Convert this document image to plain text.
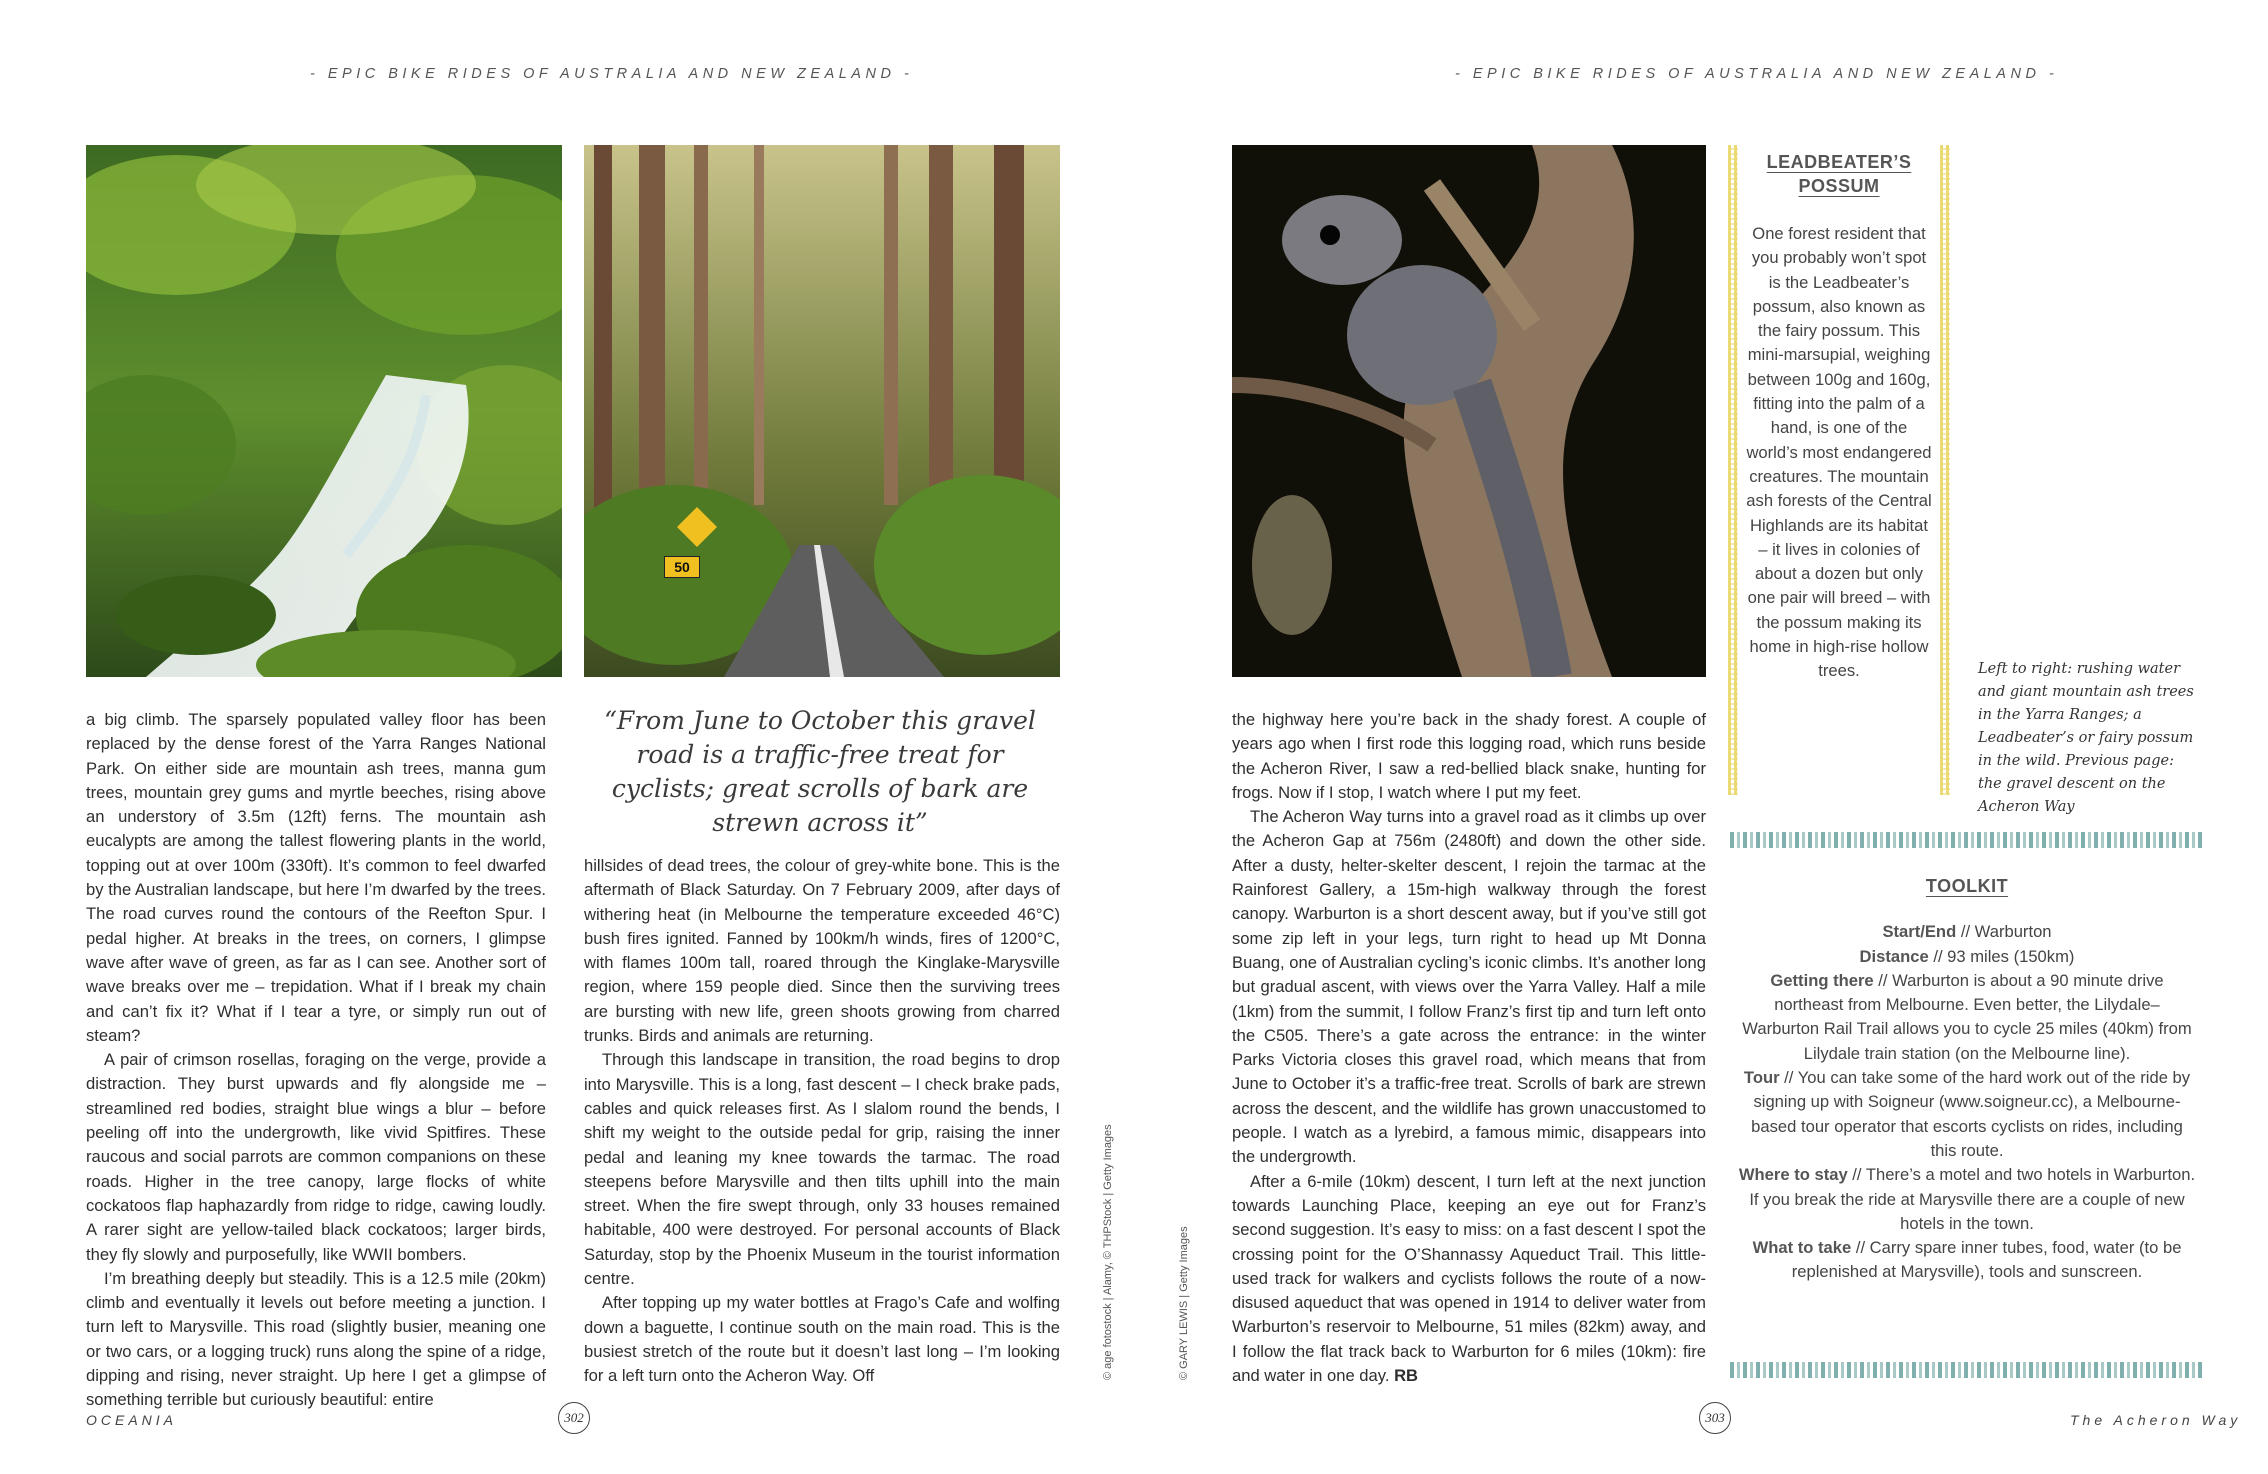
- EPIC BIKE RIDES OF AUSTRALIA AND NEW ZEALAND -	- EPIC BIKE RIDES OF AUSTRALIA AND NEW ZEALAND -
50

a big climb. The sparsely populated valley floor has been replaced by the dense forest of the Yarra Ranges National Park. On either side are mountain ash trees, manna gum trees, mountain grey gums and myrtle beeches, rising above an understory of 3.5m (12ft) ferns. The mountain ash eucalypts are among the tallest flowering plants in the world, topping out at over 100m (330ft). It’s common to feel dwarfed by the Australian landscape, but here I’m dwarfed by the trees. The road curves round the contours of the Reefton Spur. I pedal higher. At breaks in the trees, on corners, I glimpse wave after wave of green, as far as I can see. Another sort of wave breaks over me – trepidation. What if I break my chain and can’t fix it? What if I tear a tyre, or simply run out of steam?

A pair of crimson rosellas, foraging on the verge, provide a distraction. They burst upwards and fly alongside me – streamlined red bodies, straight blue wings a blur – before peeling off into the undergrowth, like vivid Spitfires. These raucous and social parrots are common companions on these roads. Higher in the tree canopy, large flocks of white cockatoos flap haphazardly from ridge to ridge, cawing loudly. A rarer sight are yellow-tailed black cockatoos; larger birds, they fly slowly and purposefully, like WWII bombers.

I’m breathing deeply but steadily. This is a 12.5 mile (20km) climb and eventually it levels out before meeting a junction. I turn left to Marysville. This road (slightly busier, meaning one or two cars, or a logging truck) runs along the spine of a ridge, dipping and rising, never straight. Up here I get a glimpse of something terrible but curiously beautiful: entire

“From June to October this gravel road is a traffic-free treat for cyclists; great scrolls of bark are strewn across it”

hillsides of dead trees, the colour of grey-white bone. This is the aftermath of Black Saturday. On 7 February 2009, after days of withering heat (in Melbourne the temperature exceeded 46°C) bush fires ignited. Fanned by 100km/h winds, fires of 1200°C, with flames 100m tall, roared through the Kinglake-Marysville region, where 159 people died. Since then the surviving trees are bursting with new life, green shoots growing from charred trunks. Birds and animals are returning.

Through this landscape in transition, the road begins to drop into Marysville. This is a long, fast descent – I check brake pads, cables and quick releases first. As I slalom round the bends, I shift my weight to the outside pedal for grip, raising the inner pedal and leaning my knee towards the tarmac. The road steepens before Marysville and then tilts uphill into the main street. When the fire swept through, only 33 houses remained habitable, 400 were destroyed. For personal accounts of Black Saturday, stop by the Phoenix Museum in the tourist information centre.

After topping up my water bottles at Frago’s Cafe and wolfing down a baguette, I continue south on the main road. This is the busiest stretch of the route but it doesn’t last long – I’m looking for a left turn onto the Acheron Way. Off	© age fotostock | Alamy, © THPStock | Getty Images	© GARY LEWIS | Getty Images

the highway here you’re back in the shady forest. A couple of years ago when I first rode this logging road, which runs beside the Acheron River, I saw a red-bellied black snake, hunting for frogs. Now if I stop, I watch where I put my feet.

The Acheron Way turns into a gravel road as it climbs up over the Acheron Gap at 756m (2480ft) and down the other side. After a dusty, helter-skelter descent, I rejoin the tarmac at the Rainforest Gallery, a 15m-high walkway through the forest canopy. Warburton is a short descent away, but if you’ve still got some zip left in your legs, turn right to head up Mt Donna Buang, one of Australian cycling’s iconic climbs. It’s another long but gradual ascent, with views over the Yarra Valley. Half a mile (1km) from the summit, I follow Franz’s first tip and turn left onto the C505. There’s a gate across the entrance: in the winter Parks Victoria closes this gravel road, which means that from June to October it’s a traffic-free treat. Scrolls of bark are strewn across the descent, and the wildlife has grown unaccustomed to people. I watch as a lyrebird, a famous mimic, disappears into the undergrowth.

After a 6-mile (10km) descent, I turn left at the next junction towards Launching Place, keeping an eye out for Franz’s second suggestion. It’s easy to miss: on a fast descent I spot the crossing point for the O’Shannassy Aqueduct Trail. This little-used track for walkers and cyclists follows the route of a now-disused aqueduct that was opened in 1914 to deliver water from Warburton’s reservoir to Melbourne, 51 miles (82km) away, and I follow the flat track back to Warburton for 6 miles (10km): fire and water in one day. RB

LEADBEATER’S
POSSUM
One forest resident that you probably won’t spot is the Leadbeater’s possum, also known as the fairy possum. This mini-marsupial, weighing between 100g and 160g, fitting into the palm of a hand, is one of the world’s most endangered creatures. The mountain ash forests of the Central Highlands are its habitat – it lives in colonies of about a dozen but only one pair will breed – with the possum making its home in high-rise hollow trees.	Left to right: rushing water and giant mountain ash trees in the Yarra Ranges; a Leadbeater’s or fairy possum in the wild. Previous page: the gravel descent on the Acheron Way
TOOLKIT
Start/End // Warburton
Distance // 93 miles (150km)
Getting there // Warburton is about a 90 minute drive northeast from Melbourne. Even better, the Lilydale–Warburton Rail Trail allows you to cycle 25 miles (40km) from Lilydale train station (on the Melbourne line).
Tour // You can take some of the hard work out of the ride by signing up with Soigneur (www.soigneur.cc), a Melbourne-based tour operator that escorts cyclists on rides, including this route.
Where to stay // There’s a motel and two hotels in Warburton. If you break the ride at Marysville there are a couple of new hotels in the town.
What to take // Carry spare inner tubes, food, water (to be replenished at Marysville), tools and sunscreen.
OCEANIA	302	303	The Acheron Way
